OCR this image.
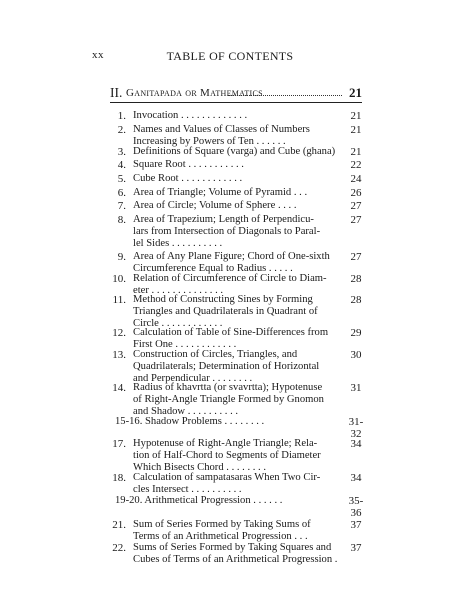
xx	TABLE OF CONTENTS
II. Ganitapada or Mathematics	21
1. Invocation . . . . . . . . . . . . .	21
2. Names and Values of Classes of Numbers
Increasing by Powers of Ten . . . . . .
21
3. Definitions of Square (varga) and Cube (ghana)	21
4. Square Root . . . . . . . . . . .	22
5. Cube Root . . . . . . . . . . . .	24
6. Area of Triangle; Volume of Pyramid . . .	26
7. Area of Circle; Volume of Sphere . . . .	27
8. Area of Trapezium; Length of Perpendicu-
lars from Intersection of Diagonals to Paral-
lel Sides . . . . . . . . . .
27
9. Area of Any Plane Figure; Chord of One-sixth
Circumference Equal to Radius . . . . .
27
10. Relation of Circumference of Circle to Diam-
eter . . . . . . . . . . . . . .
28
11. Method of Constructing Sines by Forming
Triangles and Quadrilaterals in Quadrant of
Circle . . . . . . . . . . . .
28
12. Calculation of Table of Sine-Differences from
First One . . . . . . . . . . . .
29
13. Construction of Circles, Triangles, and
Quadrilaterals; Determination of Horizontal
and Perpendicular . . . . . . . .
30
14. Radius of khavrtta (or svavrtta); Hypotenuse
of Right-Angle Triangle Formed by Gnomon
and Shadow . . . . . . . . . .
31
15-16. Shadow Problems . . . . . . . .	31-
32
17. Hypotenuse of Right-Angle Triangle; Rela-
tion of Half-Chord to Segments of Diameter
Which Bisects Chord . . . . . . . .
34
18. Calculation of sampatasaras When Two Cir-
cles Intersect . . . . . . . . . .
34
19-20. Arithmetical Progression . . . . . .	35-
36
21. Sum of Series Formed by Taking Sums of
Terms of an Arithmetical Progression . . .
37
22. Sums of Series Formed by Taking Squares and
Cubes of Terms of an Arithmetical Progression .
37
